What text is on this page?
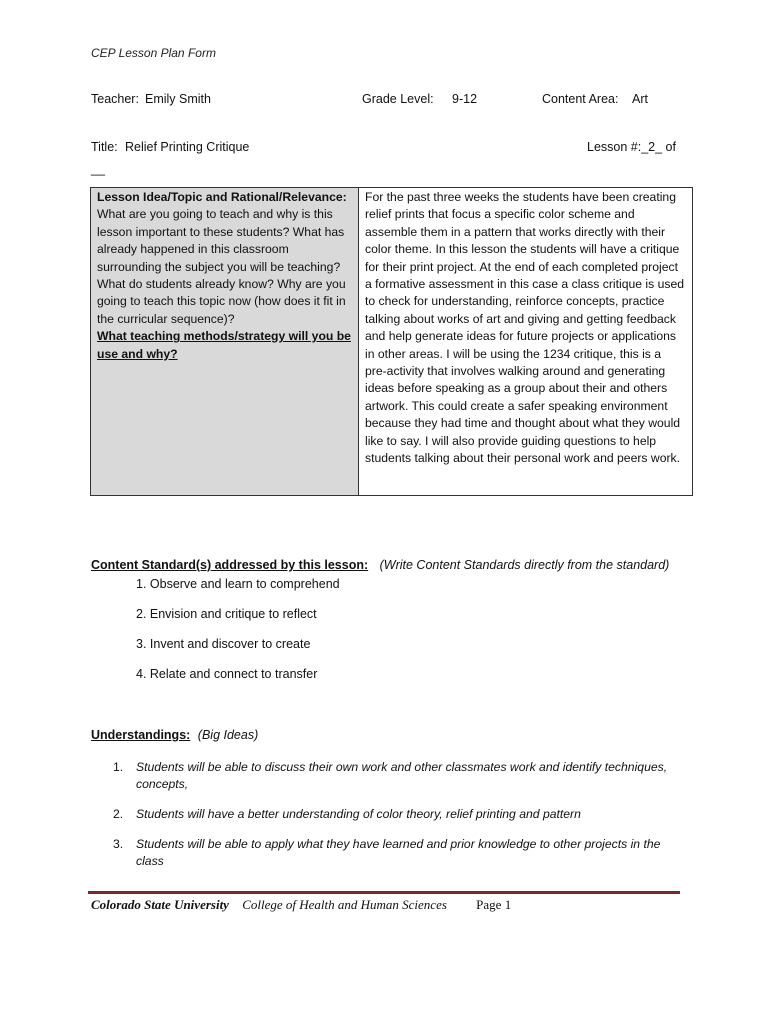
CEP Lesson Plan Form
Teacher: Emily Smith	Grade Level: 9-12	Content Area: Art
Title: Relief Printing Critique	Lesson #:_2_ of
__
Lesson Idea/Topic and Rational/Relevance:
What are you going to teach and why is this lesson important to these students? What has already happened in this classroom surrounding the subject you will be teaching? What do students already know? Why are you going to teach this topic now (how does it fit in the curricular sequence)?
What teaching methods/strategy will you be use and why?

For the past three weeks the students have been creating relief prints that focus a specific color scheme and assemble them in a pattern that works directly with their color theme. In this lesson the students will have a critique for their print project. At the end of each completed project a formative assessment in this case a class critique is used to check for understanding, reinforce concepts, practice talking about works of art and giving and getting feedback and help generate ideas for future projects or applications in other areas. I will be using the 1234 critique, this is a pre-activity that involves walking around and generating ideas before speaking as a group about their and others artwork. This could create a safer speaking environment because they had time and thought about what they would like to say. I will also provide guiding questions to help students talking about their personal work and peers work.
Content Standard(s) addressed by this lesson: (Write Content Standards directly from the standard)
1. Observe and learn to comprehend
2. Envision and critique to reflect
3. Invent and discover to create
4. Relate and connect to transfer
Understandings: (Big Ideas)
1. Students will be able to discuss their own work and other classmates work and identify techniques, concepts,
2. Students will have a better understanding of color theory, relief printing and pattern
3. Students will be able to apply what they have learned and prior knowledge to other projects in the class
Colorado State University College of Health and Human Sciences Page 1
